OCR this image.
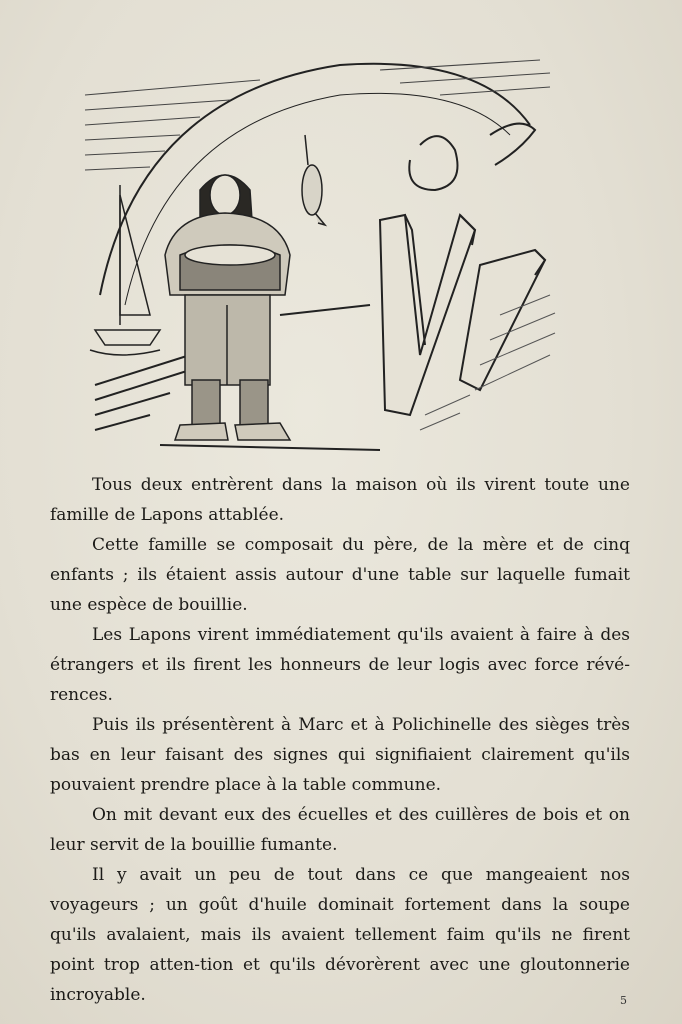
Tous deux entrèrent dans la maison où ils virent toute une famille de Lapons attablée.

Cette famille se composait du père, de la mère et de cinq enfants ; ils étaient assis autour d'une table sur laquelle fumait une espèce de bouillie.

Les Lapons virent immédiatement qu'ils avaient à faire à des étrangers et ils firent les honneurs de leur logis avec force révé-rences.

Puis ils présentèrent à Marc et à Polichinelle des sièges très bas en leur faisant des signes qui signifiaient clairement qu'ils pouvaient prendre place à la table commune.

On mit devant eux des écuelles et des cuillères de bois et on leur servit de la bouillie fumante.

Il y avait un peu de tout dans ce que mangeaient nos voyageurs ; un goût d'huile dominait fortement dans la soupe qu'ils avalaient, mais ils avaient tellement faim qu'ils ne firent point trop atten-tion et qu'ils dévorèrent avec une gloutonnerie incroyable.	5
